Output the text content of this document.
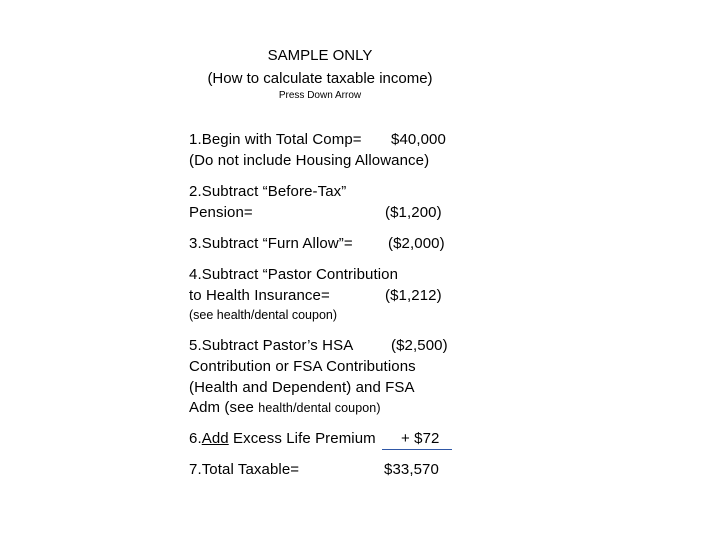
SAMPLE ONLY
(How to calculate taxable income)
Press Down Arrow
1.Begin with Total Comp= $40,000
(Do not include Housing Allowance)
2.Subtract “Before-Tax”
Pension=	($1,200)
3.Subtract “Furn Allow”= ($2,000)
4.Subtract “Pastor Contribution
to Health Insurance=	($1,212)
(see health/dental coupon)
5.Subtract Pastor’s HSA	($2,500)
Contribution or FSA Contributions
(Health and Dependent) and FSA
Adm (see health/dental coupon)
6.Add Excess Life Premium + $72
7.Total Taxable=	$33,570
